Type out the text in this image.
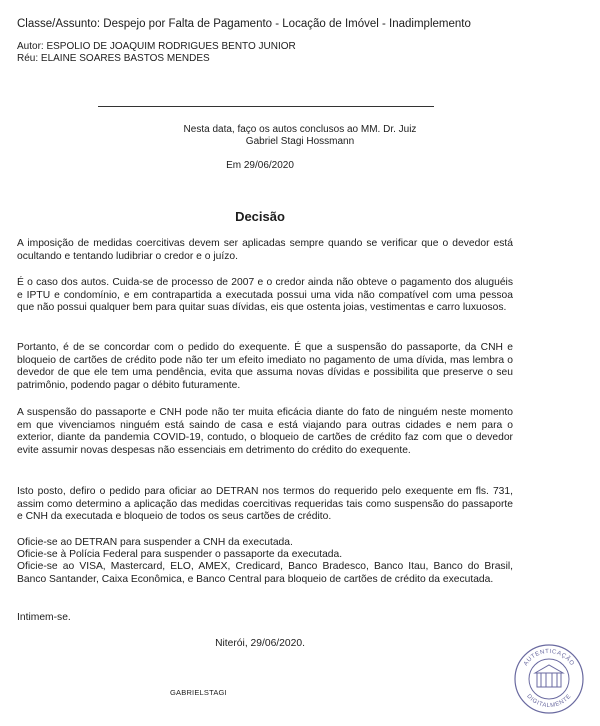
Classe/Assunto: Despejo por Falta de Pagamento - Locação de Imóvel - Inadimplemento
Autor: ESPOLIO DE JOAQUIM RODRIGUES BENTO JUNIOR
Réu: ELAINE SOARES BASTOS MENDES
Nesta data, faço os autos conclusos ao MM. Dr. Juiz
Gabriel Stagi Hossmann
Em 29/06/2020
Decisão
A imposição de medidas coercitivas devem ser aplicadas sempre quando se verificar que o devedor está ocultando e tentando ludibriar o credor e o juízo.
É o caso dos autos. Cuida-se de processo de 2007 e o credor ainda não obteve o pagamento dos aluguéis e IPTU e condomínio, e em contrapartida a executada possui uma vida não compatível com uma pessoa que não possui qualquer bem para quitar suas dívidas, eis que ostenta joias, vestimentas e carro luxuosos.
Portanto, é de se concordar com o pedido do exequente. É que a suspensão do passaporte, da CNH e bloqueio de cartões de crédito pode não ter um efeito imediato no pagamento de uma dívida, mas lembra o devedor de que ele tem uma pendência, evita que assuma novas dívidas e possibilita que preserve o seu patrimônio, podendo pagar o débito futuramente.
A suspensão do passaporte e CNH pode não ter muita eficácia diante do fato de ninguém neste momento em que vivenciamos ninguém está saindo de casa e está viajando para outras cidades e nem para o exterior, diante da pandemia COVID-19, contudo, o bloqueio de cartões de crédito faz com que o devedor evite assumir novas despesas não essenciais em detrimento do crédito do exequente.
Isto posto, defiro o pedido para oficiar ao DETRAN nos termos do requerido pelo exequente em fls. 731, assim como determino a aplicação das medidas coercitivas requeridas tais como suspensão do passaporte e CNH da executada e bloqueio de todos os seus cartões de crédito.
Oficie-se ao DETRAN para suspender a CNH da executada.
Oficie-se à Polícia Federal para suspender o passaporte da executada.
Oficie-se ao VISA, Mastercard, ELO, AMEX, Credicard, Banco Bradesco, Banco Itau, Banco do Brasil, Banco Santander, Caixa Econômica, e Banco Central para bloqueio de cartões de crédito da executada.
Intimem-se.
Niterói, 29/06/2020.
GABRIELSTAGI
AUTENTICAÇÃO
DIGITALMENTE
